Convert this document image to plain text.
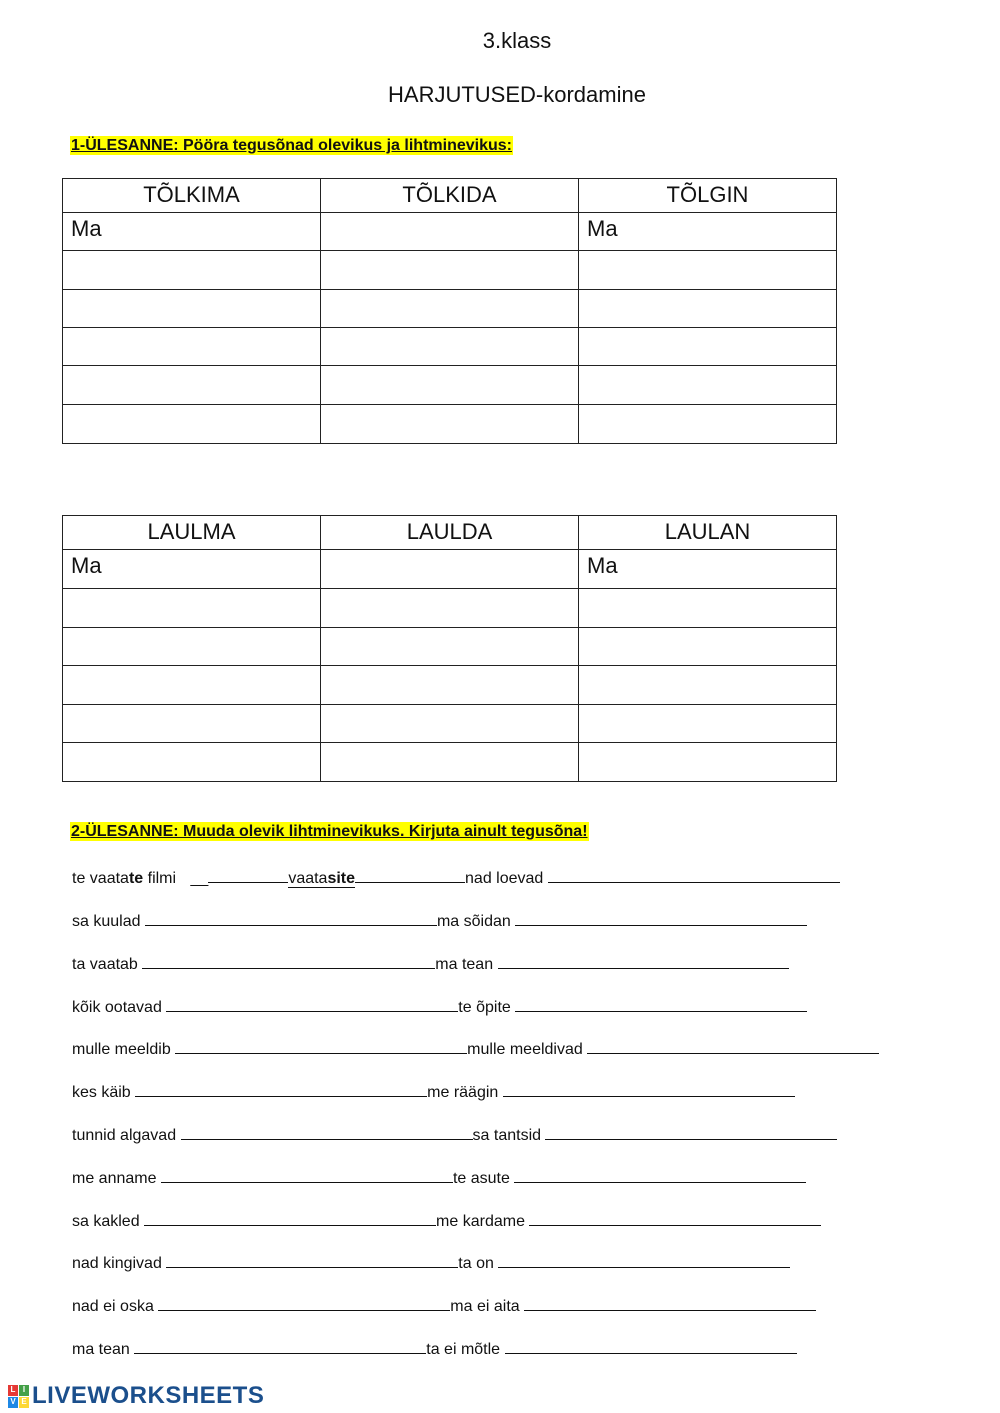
3.klass
HARJUTUSED-kordamine
1-ÜLESANNE: Pööra tegusõnad olevikus ja lihtminevikus:
TÕLKIMA	TÕLKIDA	TÕLGIN
Ma		Ma

LAULMA	LAULDA	LAULAN
Ma		Ma

2-ÜLESANNE: Muuda olevik lihtminevikuks. Kirjuta ainult tegusõna!
te vaatate filmi __	vaatasite	nad loevad
sa kuulad	ma sõidan
ta vaatab	ma tean
kõik ootavad	te õpite
mulle meeldib	mulle meeldivad
kes käib	me räägin
tunnid algavad	sa tantsid
me anname	te asute
sa kakled	me kardame
nad kingivad	ta on
nad ei oska	ma ei aita
ma tean	ta ei mõtle
L I
V E LIVEWORKSHEETS
